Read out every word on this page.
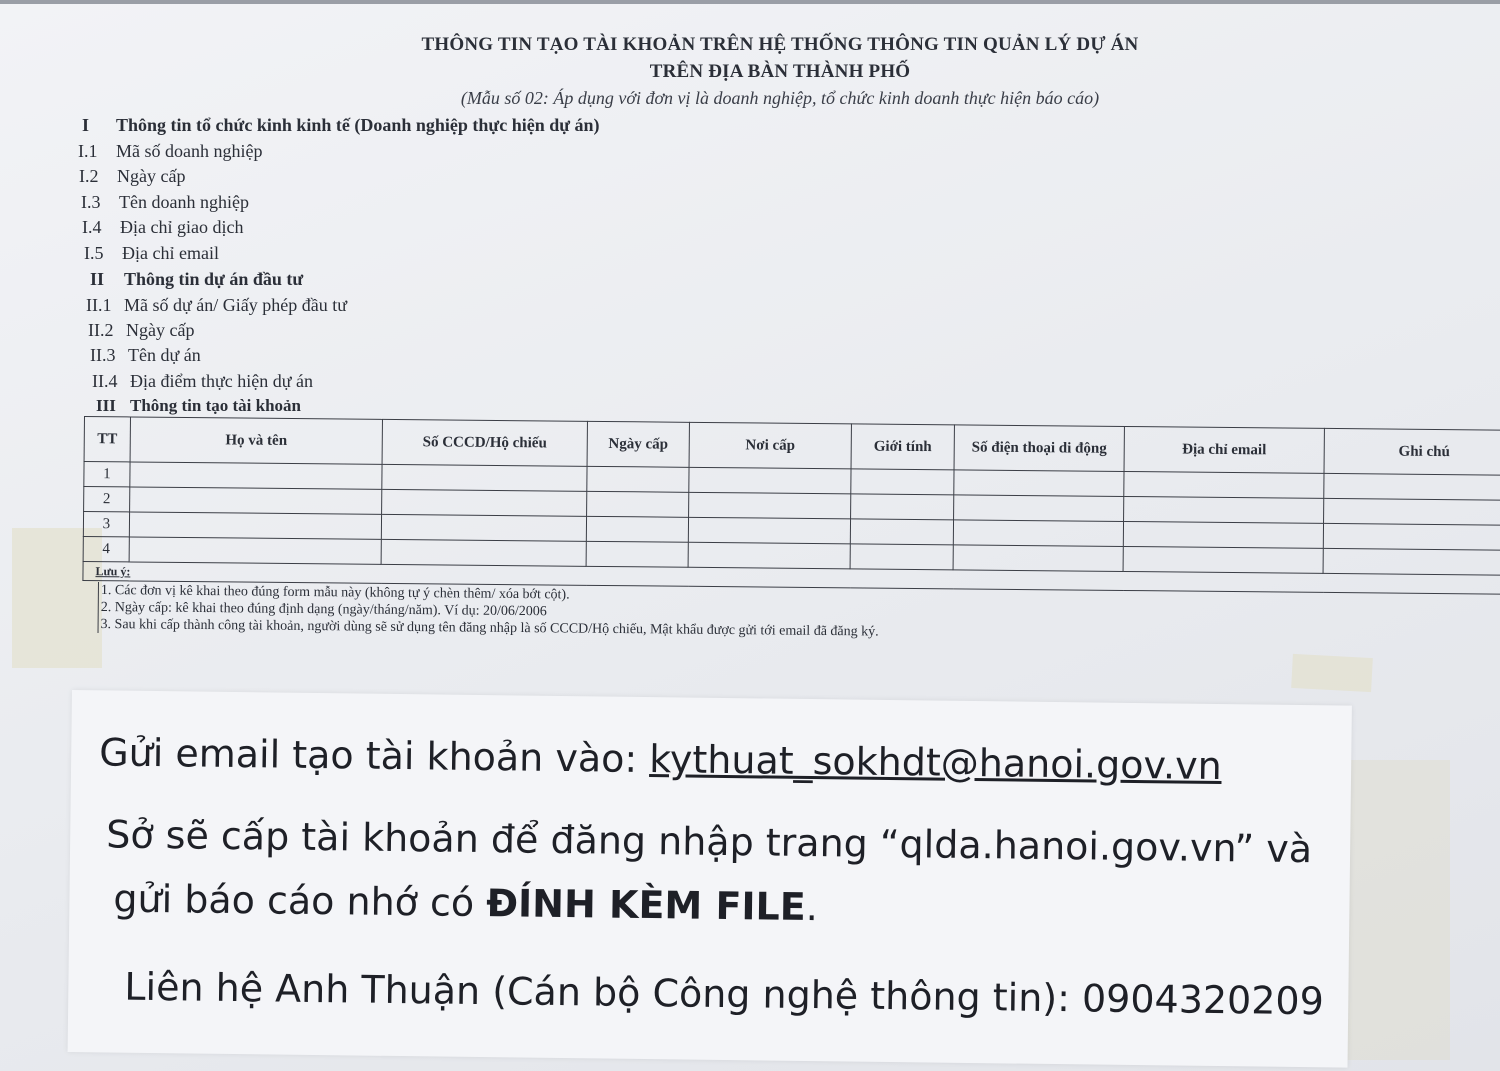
THÔNG TIN TẠO TÀI KHOẢN TRÊN HỆ THỐNG THÔNG TIN QUẢN LÝ DỰ ÁN
TRÊN ĐỊA BÀN THÀNH PHỐ
(Mẫu số 02: Áp dụng với đơn vị là doanh nghiệp, tổ chức kinh doanh thực hiện báo cáo)
I Thông tin tổ chức kinh kinh tế (Doanh nghiệp thực hiện dự án)
I.1 Mã số doanh nghiệp
I.2 Ngày cấp
I.3 Tên doanh nghiệp
I.4 Địa chỉ giao dịch
I.5 Địa chỉ email
II Thông tin dự án đầu tư
II.1 Mã số dự án/ Giấy phép đầu tư
II.2 Ngày cấp
II.3 Tên dự án
II.4 Địa điểm thực hiện dự án
III Thông tin tạo tài khoản
TT	Họ và tên	Số CCCD/Hộ chiếu	Ngày cấp	Nơi cấp	Giới tính	Số điện thoại di động	Địa chỉ email	Ghi chú
1								
2								
3								
4								
Lưu ý:								
1. Các đơn vị kê khai theo đúng form mẫu này (không tự ý chèn thêm/ xóa bớt cột).
2. Ngày cấp: kê khai theo đúng định dạng (ngày/tháng/năm). Ví dụ: 20/06/2006
3. Sau khi cấp thành công tài khoản, người dùng sẽ sử dụng tên đăng nhập là số CCCD/Hộ chiếu, Mật khẩu được gửi tới email đã đăng ký.
Gửi email tạo tài khoản vào: kythuat_sokhdt@hanoi.gov.vn
Sở sẽ cấp tài khoản để đăng nhập trang “qlda.hanoi.gov.vn” và
gửi báo cáo nhớ có ĐÍNH KÈM FILE.
Liên hệ Anh Thuận (Cán bộ Công nghệ thông tin): 0904320209
